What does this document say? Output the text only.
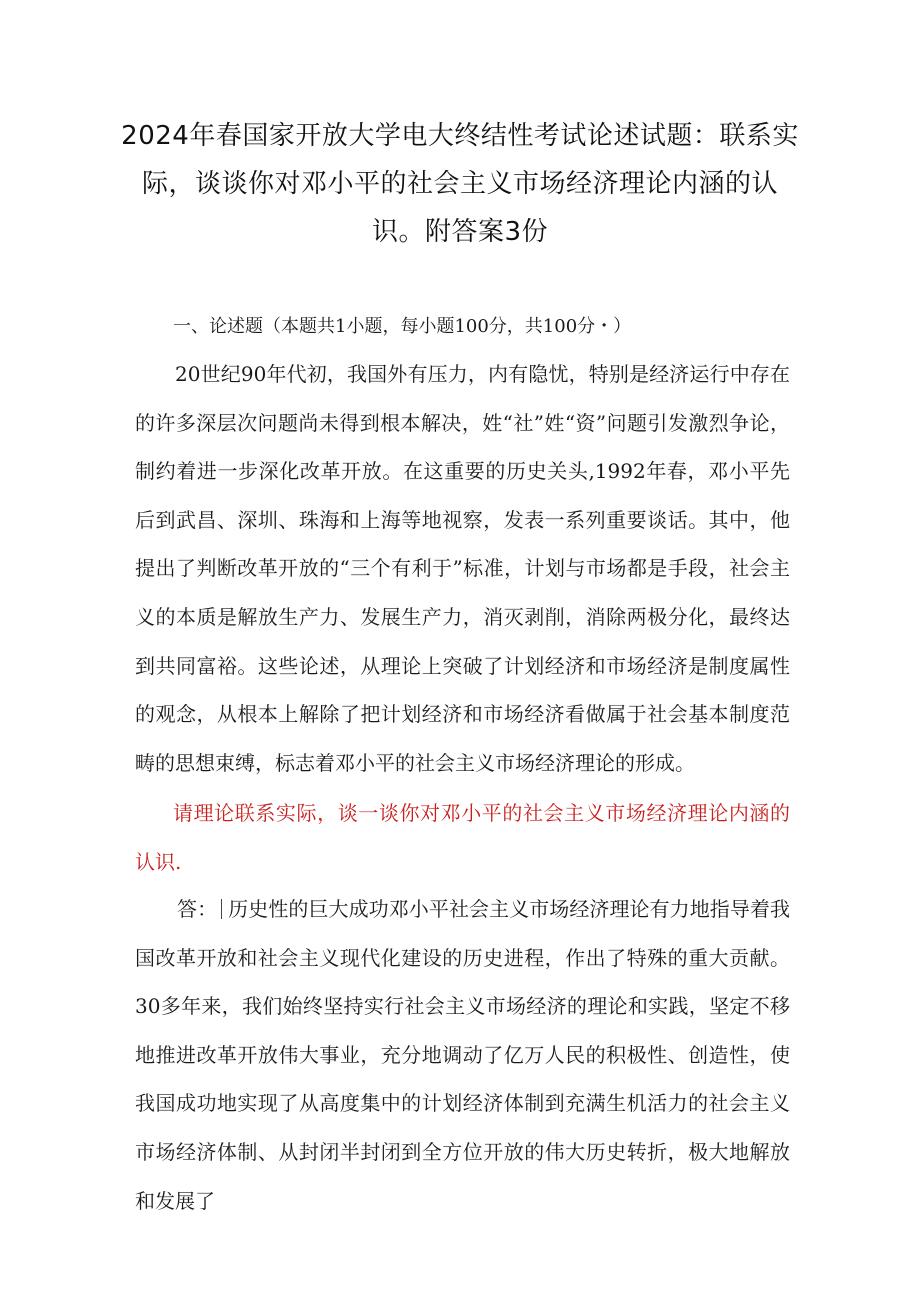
2024年春国家开放大学电大终结性考试论述试题：联系实际，谈谈你对邓小平的社会主义市场经济理论内涵的认识。附答案3份
一、论述题（本题共1小题，每小题100分，共100分・）

20世纪90年代初，我国外有压力，内有隐忧，特别是经济运行中存在的许多深层次问题尚未得到根本解决，姓“社”姓“资”问题引发激烈争论，制约着进一步深化改革开放。在这重要的历史关头,1992年春，邓小平先后到武昌、深圳、珠海和上海等地视察，发表一系列重要谈话。其中，他提出了判断改革开放的“三个有利于”标准，计划与市场都是手段，社会主义的本质是解放生产力、发展生产力，消灭剥削，消除两极分化，最终达到共同富裕。这些论述，从理论上突破了计划经济和市场经济是制度属性的观念，从根本上解除了把计划经济和市场经济看做属于社会基本制度范畴的思想束缚，标志着邓小平的社会主义市场经济理论的形成。

请理论联系实际，谈一谈你对邓小平的社会主义市场经济理论内涵的认识.

答： 历史性的巨大成功邓小平社会主义市场经济理论有力地指导着我国改革开放和社会主义现代化建设的历史进程，作出了特殊的重大贡献。30多年来，我们始终坚持实行社会主义市场经济的理论和实践，坚定不移地推进改革开放伟大事业，充分地调动了亿万人民的积极性、创造性，使我国成功地实现了从高度集中的计划经济体制到充满生机活力的社会主义市场经济体制、从封闭半封闭到全方位开放的伟大历史转折，极大地解放和发展了
